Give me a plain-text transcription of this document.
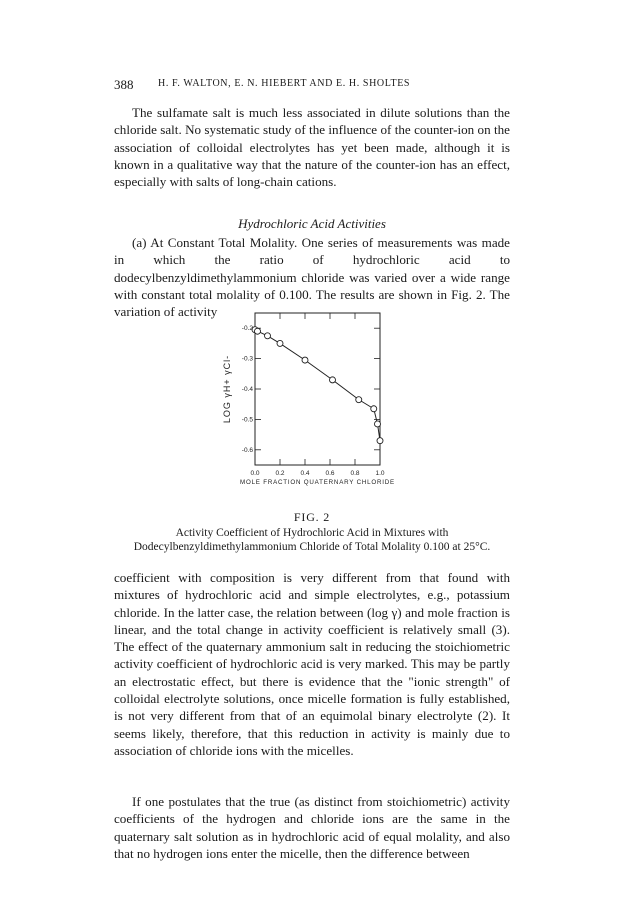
388 H. F. WALTON, E. N. HIEBERT AND E. H. SHOLTES

The sulfamate salt is much less associated in dilute solutions than the chloride salt. No systematic study of the influence of the counter-ion on the association of colloidal electrolytes has yet been made, although it is known in a qualitative way that the nature of the counter-ion has an effect, especially with salts of long-chain cations.

Hydrochloric Acid Activities

(a) At Constant Total Molality. One series of measurements was made in which the ratio of hydrochloric acid to dodecylbenzyldimethylammonium chloride was varied over a wide range with constant total molality of 0.100. The results are shown in Fig. 2. The variation of activity

0.0 0.2 0.4 0.6 0.8 1.0
-0.2
-0.3
-0.4
-0.5
-0.6
MOLE FRACTION QUATERNARY CHLORIDE
LOG γH+ γCl-
FIG. 2
Activity Coefficient of Hydrochloric Acid in Mixtures with Dodecylbenzyldimethylammonium Chloride of Total Molality 0.100 at 25°C.

coefficient with composition is very different from that found with mixtures of hydrochloric acid and simple electrolytes, e.g., potassium chloride. In the latter case, the relation between (log γ) and mole fraction is linear, and the total change in activity coefficient is relatively small (3). The effect of the quaternary ammonium salt in reducing the stoichiometric activity coefficient of hydrochloric acid is very marked. This may be partly an electrostatic effect, but there is evidence that the "ionic strength" of colloidal electrolyte solutions, once micelle formation is fully established, is not very different from that of an equimolal binary electrolyte (2). It seems likely, therefore, that this reduction in activity is mainly due to association of chloride ions with the micelles.

If one postulates that the true (as distinct from stoichiometric) activity coefficients of the hydrogen and chloride ions are the same in the quaternary salt solution as in hydrochloric acid of equal molality, and also that no hydrogen ions enter the micelle, then the difference between
